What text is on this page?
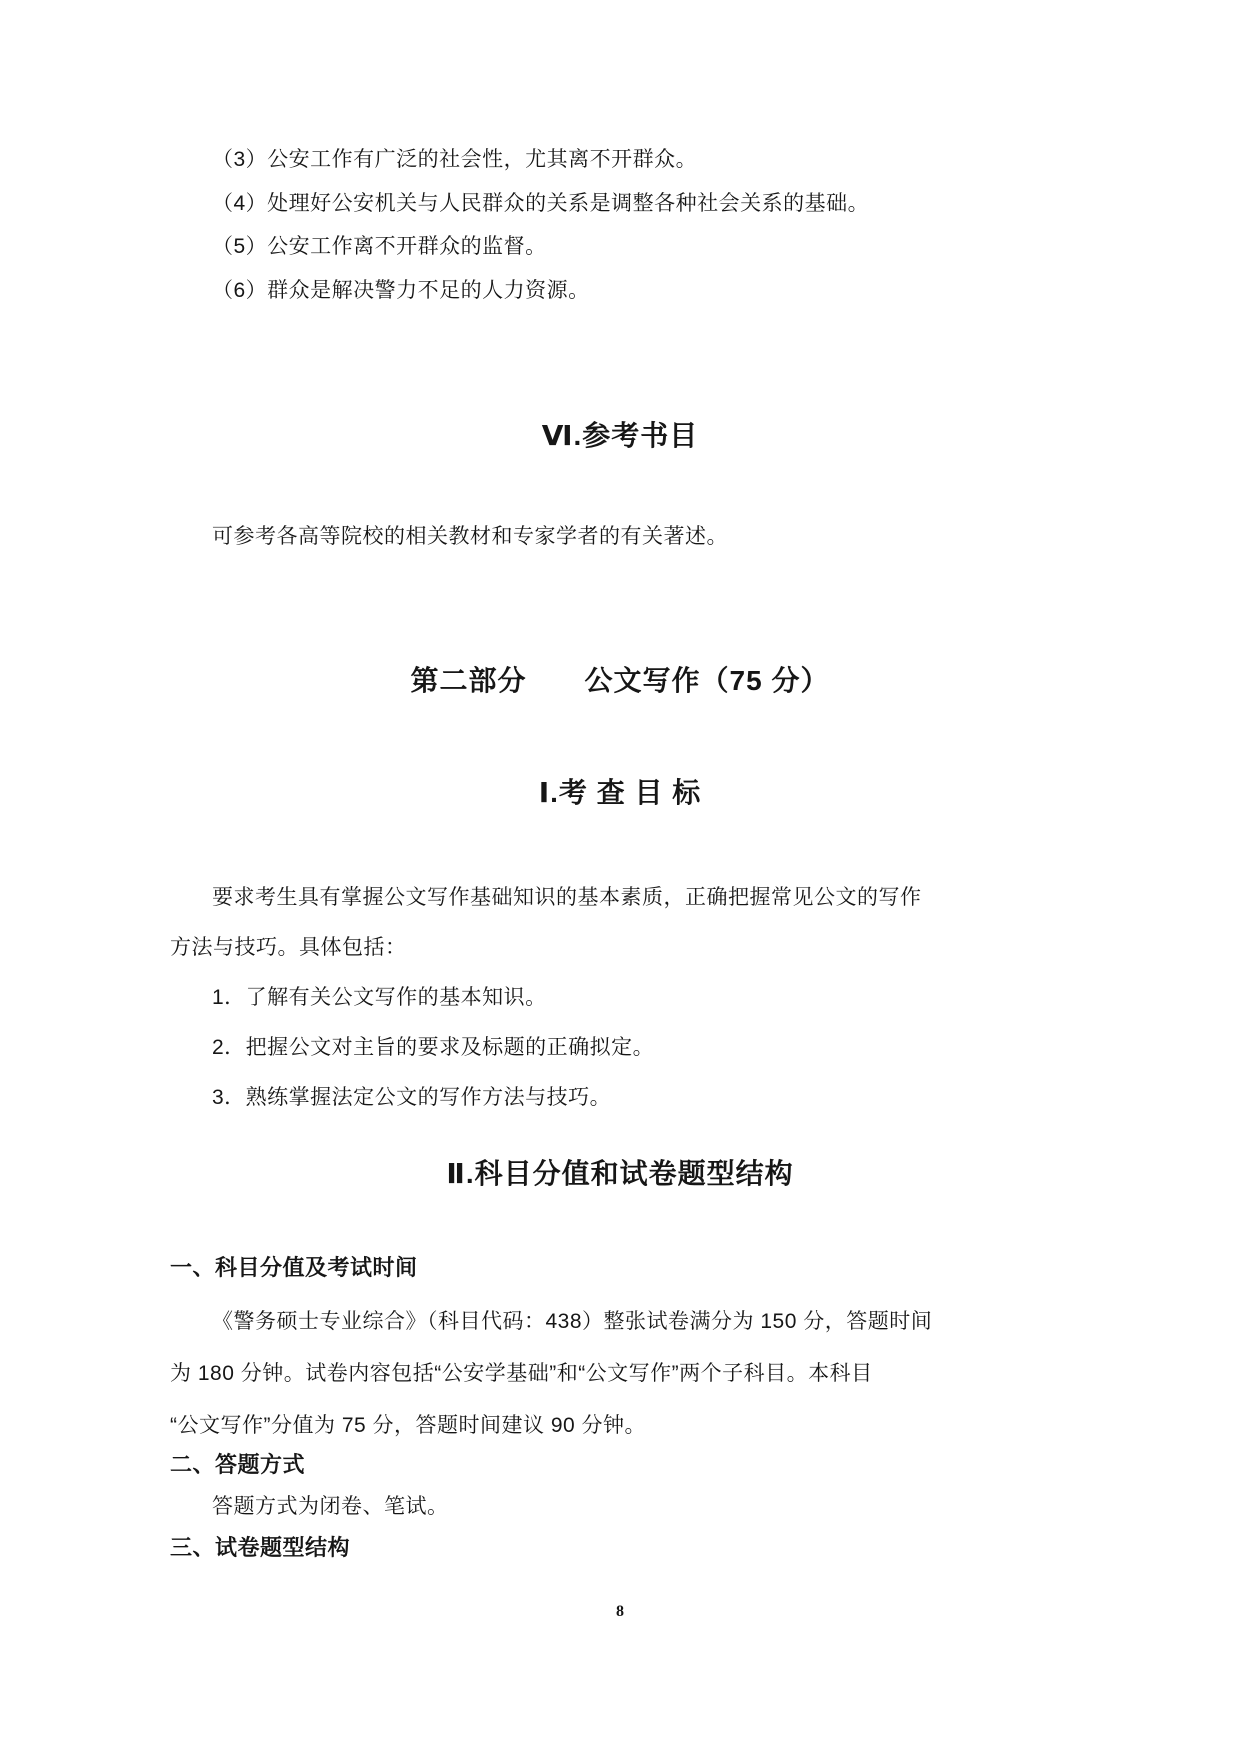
（3）公安工作有广泛的社会性，尤其离不开群众。
（4）处理好公安机关与人民群众的关系是调整各种社会关系的基础。
（5）公安工作离不开群众的监督。
（6）群众是解决警力不足的人力资源。
Ⅵ.参考书目
可参考各高等院校的相关教材和专家学者的有关著述。
第二部分　　公文写作（75 分）
Ⅰ.考 查 目 标
要求考生具有掌握公文写作基础知识的基本素质，正确把握常见公文的写作
方法与技巧。具体包括：
1．了解有关公文写作的基本知识。
2．把握公文对主旨的要求及标题的正确拟定。
3．熟练掌握法定公文的写作方法与技巧。
Ⅱ.科目分值和试卷题型结构
一、科目分值及考试时间
《警务硕士专业综合》（科目代码：438）整张试卷满分为 150 分，答题时间
为 180 分钟。试卷内容包括“公安学基础”和“公文写作”两个子科目。本科目
“公文写作”分值为 75 分，答题时间建议 90 分钟。
二、答题方式
答题方式为闭卷、笔试。
三、试卷题型结构
8
